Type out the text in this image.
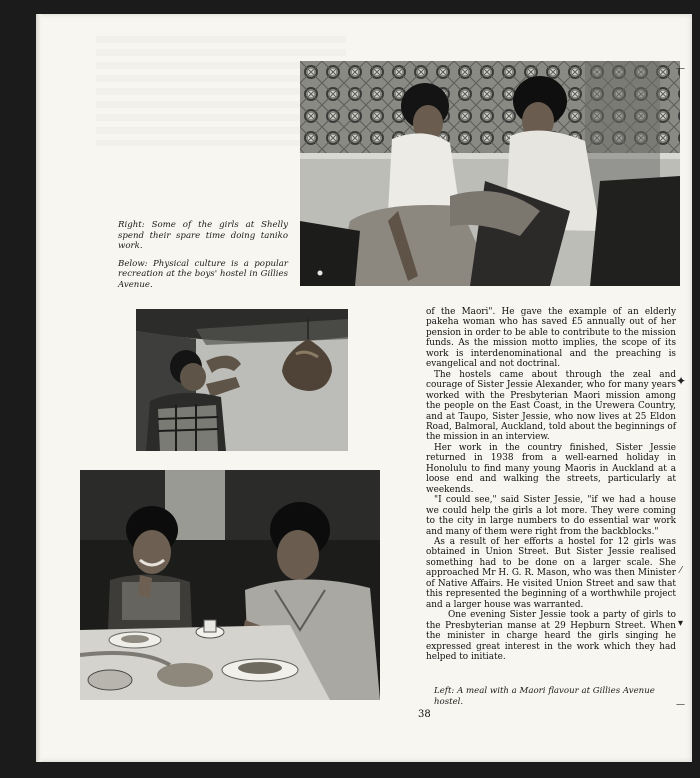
Right: Some of the girls at Shelly spend their spare time doing taniko work.

Below: Physical culture is a popular recreation at the boys' hostel in Gillies Avenue.

of the Maori". He gave the example of an elderly pakeha woman who has saved £5 annually out of her pension in order to be able to contribute to the mission funds. As the mission motto implies, the scope of its work is interdenominational and the preaching is evangelical and not doctrinal.

The hostels came about through the zeal and courage of Sister Jessie Alexander, who for many years worked with the Presbyterian Maori mission among the people on the East Coast, in the Urewera Country, and at Taupo, Sister Jessie, who now lives at 25 Eldon Road, Balmoral, Auckland, told about the beginnings of the mission in an interview.

Her work in the country finished, Sister Jessie returned in 1938 from a well-earned holiday in Honolulu to find many young Maoris in Auckland at a loose end and walking the streets, particularly at weekends.

"I could see," said Sister Jessie, "if we had a house we could help the girls a lot more. They were coming to the city in large numbers to do essential war work and many of them were right from the backblocks."

As a result of her efforts a hostel for 12 girls was obtained in Union Street. But Sister Jessie realised something had to be done on a larger scale. She approached Mr H. G. R. Mason, who was then Minister of Native Affairs. He visited Union Street and saw that this represented the beginning of a worthwhile project and a larger house was warranted.

One evening Sister Jessie took a party of girls to the Presbyterian manse at 29 Hepburn Street. When the minister in charge heard the girls singing he expressed great interest in the work which they had helped to initiate.

Left: A meal with a Maori flavour at Gillies Avenue hostel.
38
✦
⁄
▾
—
—
